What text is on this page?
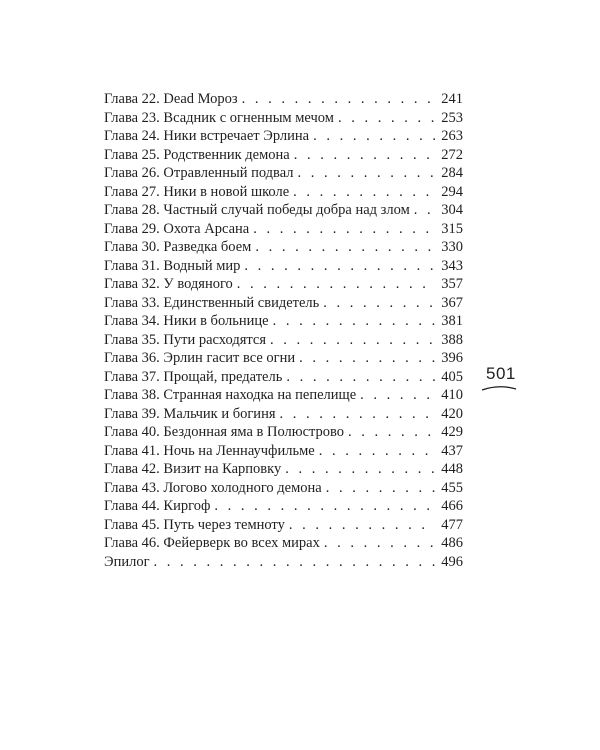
Глава 22. Dead Мороз . . .	241
Глава 23. Всадник с огненным мечом . . .	253
Глава 24. Ники встречает Эрлина . . .	263
Глава 25. Родственник демона . . .	272
Глава 26. Отравленный подвал . . .	284
Глава 27. Ники в новой школе . . .	294
Глава 28. Частный случай победы добра над злом . . . 304
Глава 29. Охота Арсана . . .	315
Глава 30. Разведка боем . . .	330
Глава 31. Водный мир . . .	343
Глава 32. У водяного . . .	357
Глава 33. Единственный свидетель . . .	367
Глава 34. Ники в больнице . . .	381
Глава 35. Пути расходятся . . .	388
Глава 36. Эрлин гасит все огни . . .	396
Глава 37. Прощай, предатель . . .	405
Глава 38. Странная находка на пепелище . . .	410
Глава 39. Мальчик и богиня . . .	420
Глава 40. Бездонная яма в Полюстрово . . .	429
Глава 41. Ночь на Леннаучфильме . . .	437
Глава 42. Визит на Карповку . . .	448
Глава 43. Логово холодного демона . . .	455
Глава 44. Киргоф . . .	466
Глава 45. Путь через темноту . . .	477
Глава 46. Фейерверк во всех мирах . . .	486
Эпилог . . .	496
501
